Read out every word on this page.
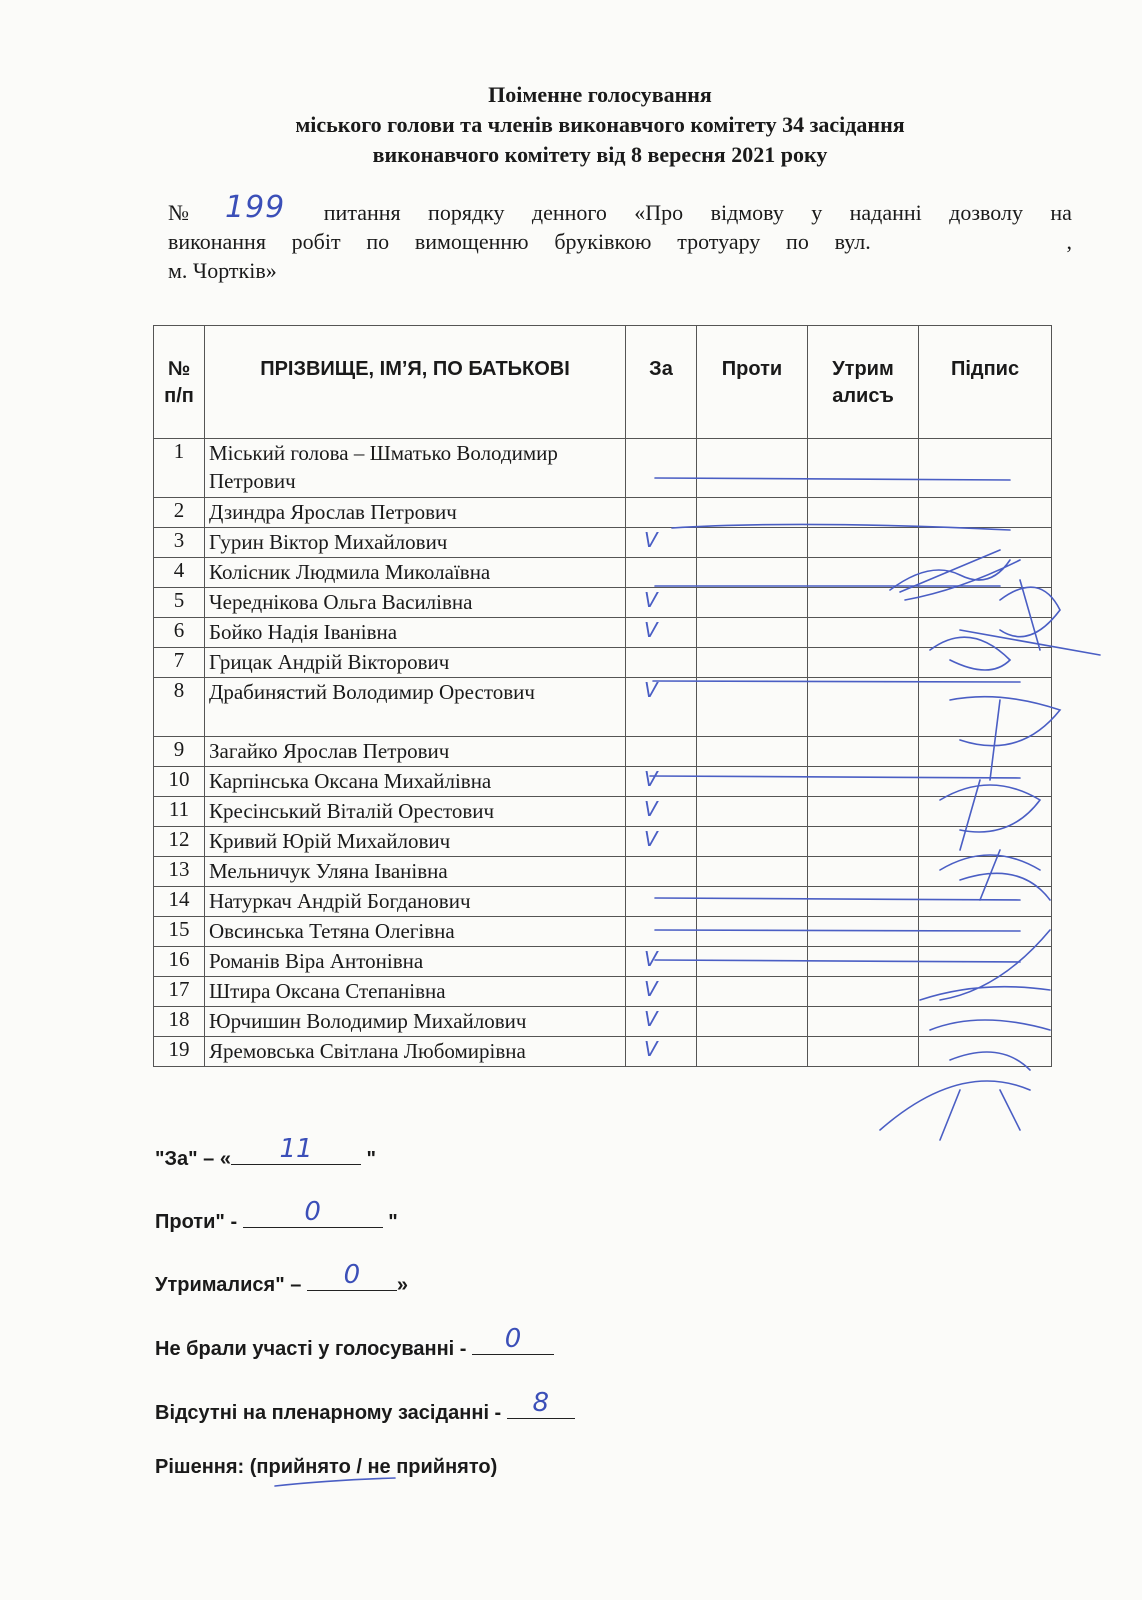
Поіменне голосування
міського голови та членів виконавчого комітету 34 засідання
виконавчого комітету від 8 вересня 2021 року
№	питання порядку денного «Про відмову у наданні дозволу на
виконання робіт по вимощенню бруківкою тротуару по вул.	,
м. Чортків»
199
№ п/п	ПРІЗВИЩЕ, ІМ’Я, ПО БАТЬКОВІ	За	Проти	Утрим алисъ	Підпис
1	Міський голова – Шматько Володимир Петрович				
2	Дзиндра Ярослав Петрович				
3	Гурин Віктор Михайлович	V			
4	Колісник Людмила Миколаївна				
5	Чередніковa Ольга Василівна	V			
6	Бойко Надія Іванівна	V			
7	Грицак Андрій Вікторович				
8	Драбинястий Володимир Орестович	V			
9	Загайко Ярослав Петрович				
10	Карпінська Оксана Михайлівна	V			
11	Кресінський Віталій Орестович	V			
12	Кривий Юрій Михайлович	V			
13	Мельничук Уляна Іванівна				
14	Натуркач Андрій Богданович				
15	Овсинська Тетяна Олегівна				
16	Романів Віра Антонівна	V			
17	Штира Оксана Степанівна	V			
18	Юрчишин Володимир Михайлович	V			
19	Яремовська Світлана Любомирівна	V			
"За" – «	11	"
Проти" -	0	"
Утрималися" –	0	»
Не брали участі у голосуванні -	0
Відсутні на пленарному засіданні - 8
Рішення: (прийнято / не прийнято)
